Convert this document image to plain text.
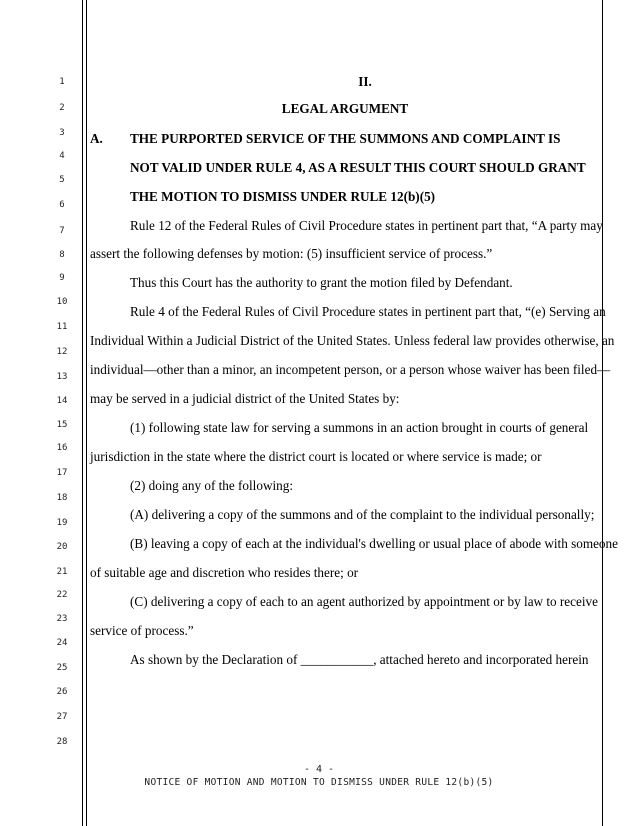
1
2
3
4
5
6
7
8
9
10
11
12
13
14
15
16
17
18
19
20
21
22
23
24
25
26
27
28
II.
LEGAL ARGUMENT
A. THE PURPORTED SERVICE OF THE SUMMONS AND COMPLAINT IS
NOT VALID UNDER RULE 4, AS A RESULT THIS COURT SHOULD GRANT
THE MOTION TO DISMISS UNDER RULE 12(b)(5)
Rule 12 of the Federal Rules of Civil Procedure states in pertinent part that, “A party may
assert the following defenses by motion: (5) insufficient service of process.”
Thus this Court has the authority to grant the motion filed by Defendant.
Rule 4 of the Federal Rules of Civil Procedure states in pertinent part that, “(e) Serving an
Individual Within a Judicial District of the United States. Unless federal law provides otherwise, an
individual—other than a minor, an incompetent person, or a person whose waiver has been filed—
may be served in a judicial district of the United States by:
(1) following state law for serving a summons in an action brought in courts of general
jurisdiction in the state where the district court is located or where service is made; or
(2) doing any of the following:
(A) delivering a copy of the summons and of the complaint to the individual personally;
(B) leaving a copy of each at the individual's dwelling or usual place of abode with someone
of suitable age and discretion who resides there; or
(C) delivering a copy of each to an agent authorized by appointment or by law to receive
service of process.”
As shown by the Declaration of ___________, attached hereto and incorporated herein
- 4 -
NOTICE OF MOTION AND MOTION TO DISMISS UNDER RULE 12(b)(5)
